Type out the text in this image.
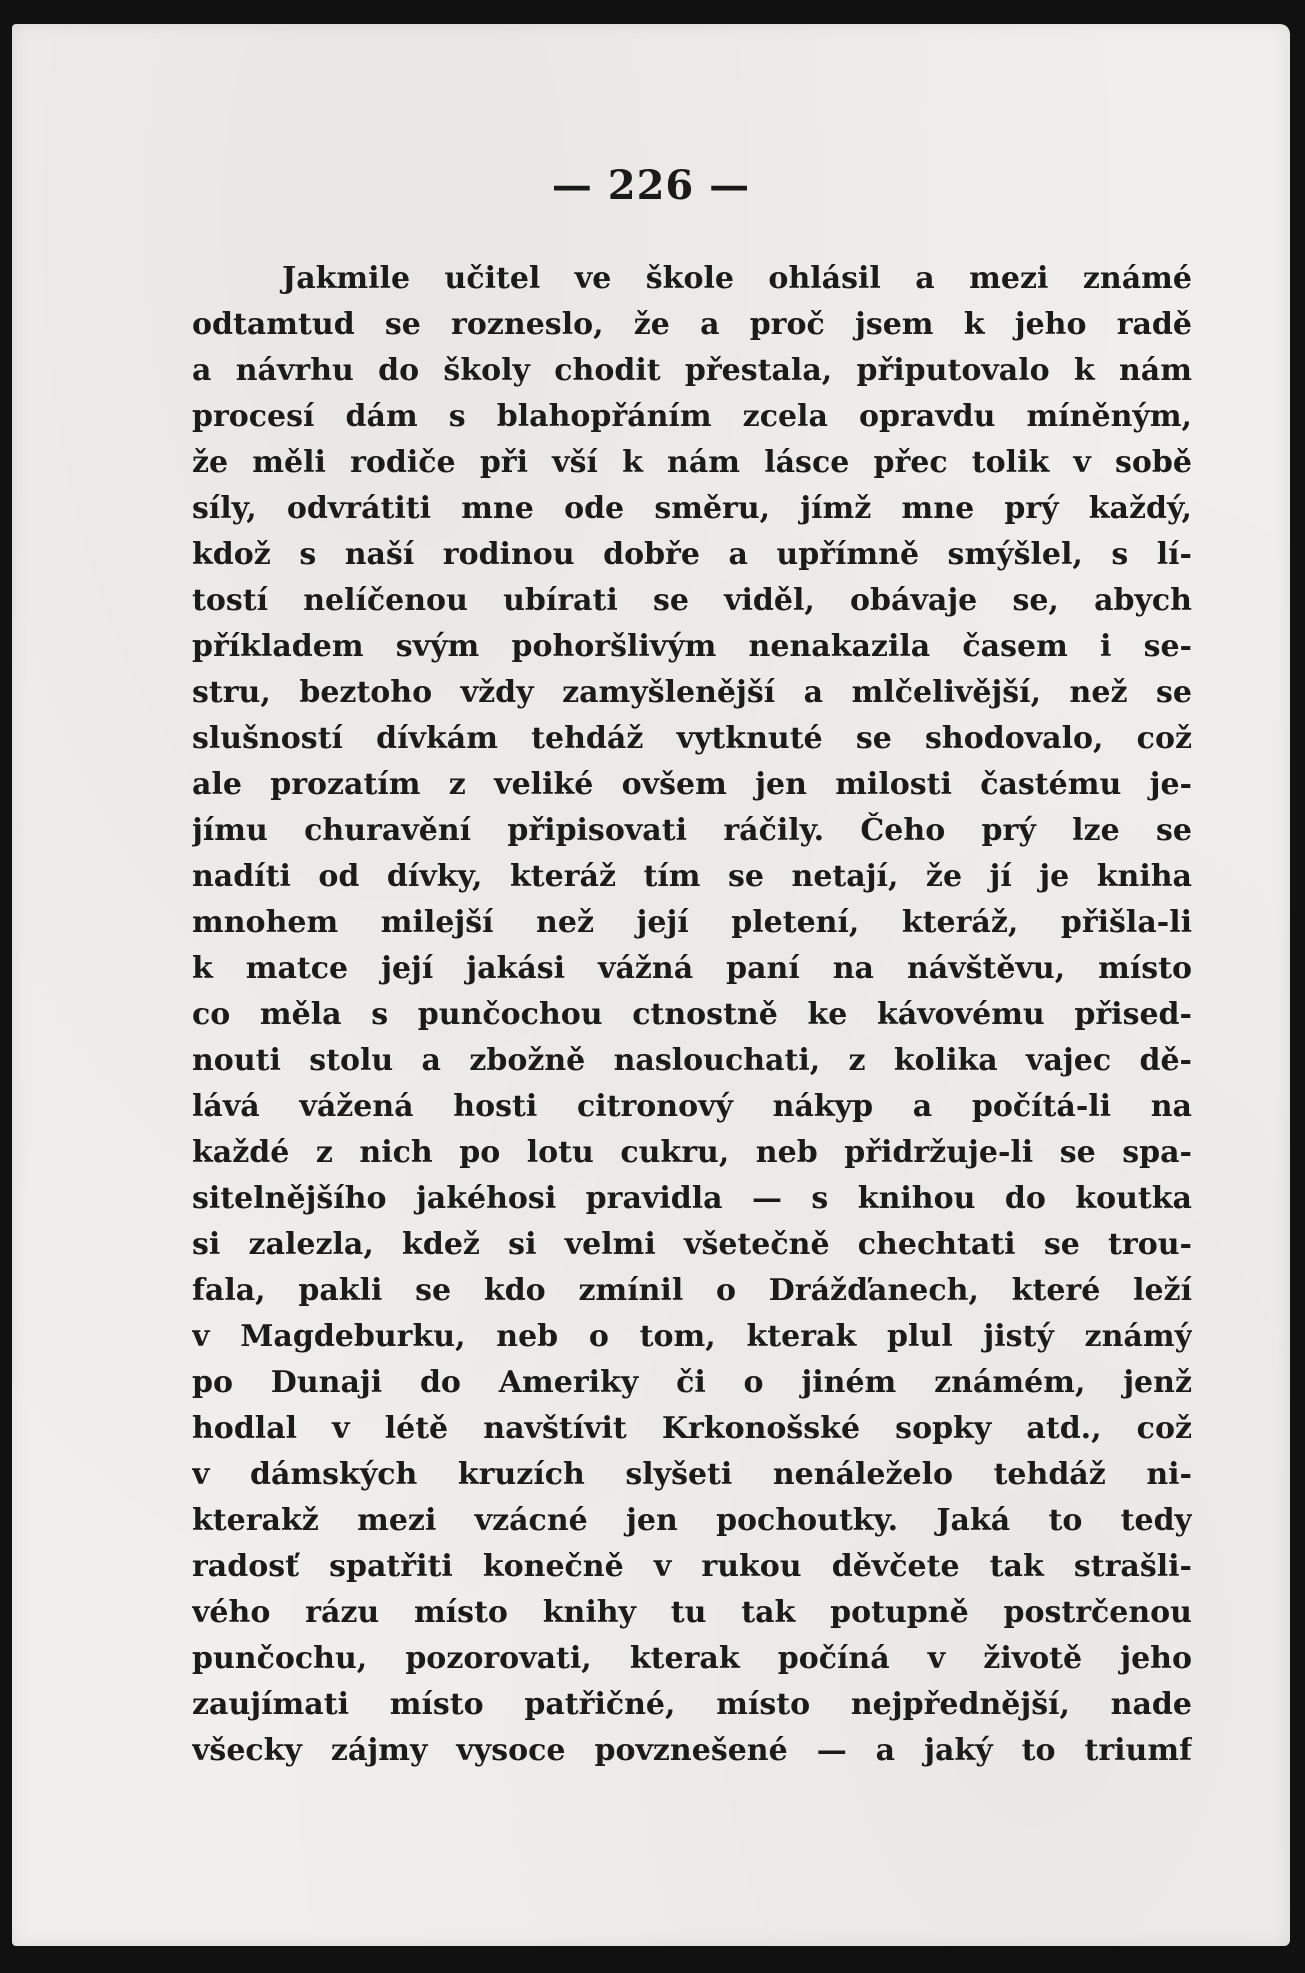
— 226 —
Jakmile učitel ve škole ohlásil a mezi známé
odtamtud se rozneslo, že a proč jsem k jeho radě
a návrhu do školy chodit přestala, připutovalo k nám
procesí dám s blahopřáním zcela opravdu míněným,
že měli rodiče při vší k nám lásce přec tolik v sobě
síly, odvrátiti mne ode směru, jímž mne prý každý,
kdož s naší rodinou dobře a upřímně smýšlel, s lí-
tostí nelíčenou ubírati se viděl, obávaje se, abych
příkladem svým pohoršlivým nenakazila časem i se-
stru, beztoho vždy zamyšlenější a mlčelivější, než se
slušností dívkám tehdáž vytknuté se shodovalo, což
ale prozatím z veliké ovšem jen milosti častému je-
jímu churavění připisovati ráčily. Čeho prý lze se
nadíti od dívky, kteráž tím se netají, že jí je kniha
mnohem milejší než její pletení, kteráž, přišla-li
k matce její jakási vážná paní na návštěvu, místo
co měla s punčochou ctnostně ke kávovému přised-
nouti stolu a zbožně naslouchati, z kolika vajec dě-
lává vážená hosti citronový nákyp a počítá-li na
každé z nich po lotu cukru, neb přidržuje-li se spa-
sitelnějšího jakéhosi pravidla — s knihou do koutka
si zalezla, kdež si velmi všetečně chechtati se trou-
fala, pakli se kdo zmínil o Drážďanech, které leží
v Magdeburku, neb o tom, kterak plul jistý známý
po Dunaji do Ameriky či o jiném známém, jenž
hodlal v létě navštívit Krkonošské sopky atd., což
v dámských kruzích slyšeti nenáleželo tehdáž ni-
kterakž mezi vzácné jen pochoutky. Jaká to tedy
radosť spatřiti konečně v rukou děvčete tak strašli-
vého rázu místo knihy tu tak potupně postrčenou
punčochu, pozorovati, kterak počíná v životě jeho
zaujímati místo patřičné, místo nejpřednější, nade
všecky zájmy vysoce povznešené — a jaký to triumf
